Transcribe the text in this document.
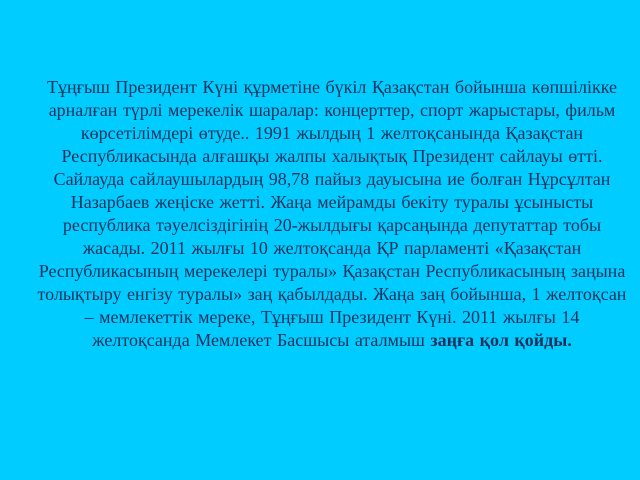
Тұңғыш Президент Күні құрметіне бүкіл Қазақстан бойынша көпшілікке арналған түрлі мерекелік шаралар: концерттер, спорт жарыстары, фильм көрсетілімдері өтуде.. 1991 жылдың 1 желтоқсанында Қазақстан Республикасында алғашқы жалпы халықтық Президент сайлауы өтті. Сайлауда сайлаушылардың 98,78 пайыз дауысына ие болған Нұрсұлтан Назарбаев жеңіске жетті. Жаңа мейрамды бекіту туралы ұсынысты республика тәуелсіздігінің 20-жылдығы қарсаңында депутаттар тобы жасады. 2011 жылғы 10 желтоқсанда ҚР парламенті «Қазақстан Республикасының мерекелері туралы» Қазақстан Республикасының заңына толықтыру енгізу туралы» заң қабылдады. Жаңа заң бойынша, 1 желтоқсан – мемлекеттік мереке, Тұңғыш Президент Күні. 2011 жылғы 14 желтоқсанда Мемлекет Басшысы аталмыш заңға қол қойды.
